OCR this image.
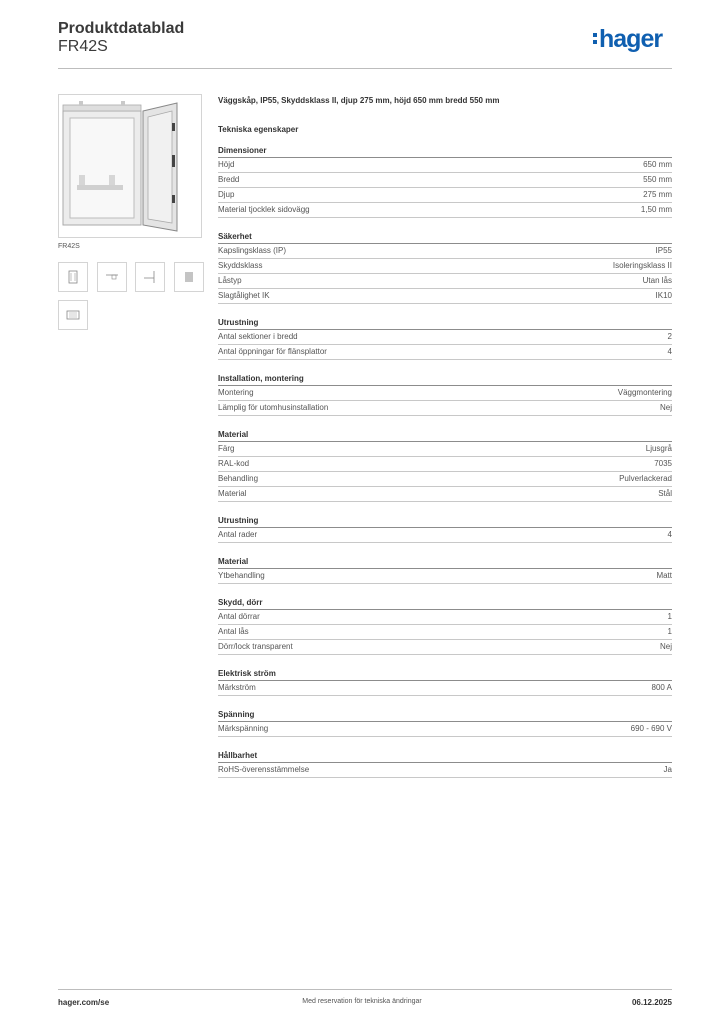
Produktdatablad
FR42S	hager
FR42S
Väggskåp, IP55, Skyddsklass II, djup 275 mm, höjd 650 mm bredd 550 mm
Tekniska egenskaper
Dimensioner
Höjd	650 mm
Bredd	550 mm
Djup	275 mm
Material tjocklek sidovägg	1,50 mm
Säkerhet
Kapslingsklass (IP)	IP55
Skyddsklass	Isoleringsklass II
Låstyp	Utan lås
Slagtålighet IK	IK10
Utrustning
Antal sektioner i bredd	2
Antal öppningar för flänsplattor	4
Installation, montering
Montering	Väggmontering
Lämplig för utomhusinstallation	Nej
Material
Färg	Ljusgrå
RAL-kod	7035
Behandling	Pulverlackerad
Material	Stål
Utrustning
Antal rader	4
Material
Ytbehandling	Matt
Skydd, dörr
Antal dörrar	1
Antal lås	1
Dörr/lock transparent	Nej
Elektrisk ström
Märkström	800 A
Spänning
Märkspänning	690 - 690 V
Hållbarhet
RoHS-överensstämmelse	Ja
hager.com/se	Med reservation för tekniska ändringar	06.12.2025
